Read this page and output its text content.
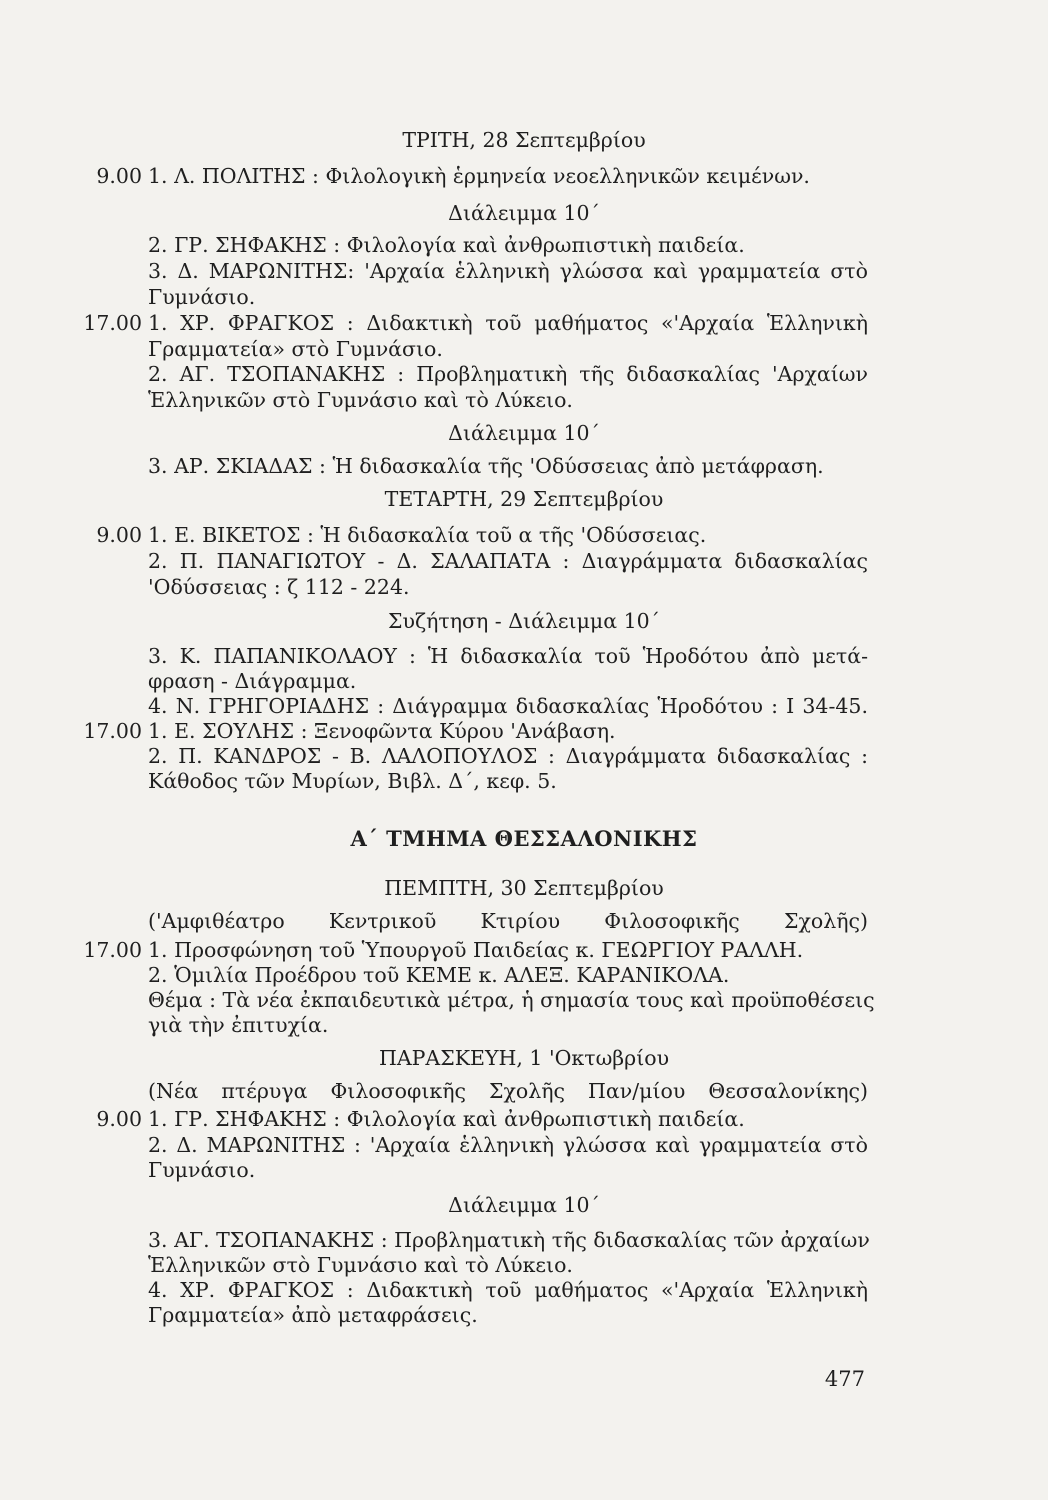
ΤΡΙΤΗ, 28 Σεπτεμβρίου
9.00 1. Λ. ΠΟΛΙΤΗΣ : Φιλολογικὴ ἑρμηνεία νεοελληνικῶν κειμένων.
Διάλειμμα 10΄
2. ΓΡ. ΣΗΦΑΚΗΣ : Φιλολογία καὶ ἀνθρωπιστικὴ παιδεία.
3. Δ. ΜΑΡΩΝΙΤΗΣ: 'Αρχαία ἑλληνικὴ γλώσσα καὶ γραμματεία στὸ
Γυμνάσιο.
17.00 1. ΧΡ. ΦΡΑΓΚΟΣ : Διδακτικὴ τοῦ μαθήματος «'Αρχαία Ἑλληνικὴ
Γραμματεία» στὸ Γυμνάσιο.
2. ΑΓ. ΤΣΟΠΑΝΑΚΗΣ : Προβληματικὴ τῆς διδασκαλίας 'Αρχαίων
Ἑλληνικῶν στὸ Γυμνάσιο καὶ τὸ Λύκειο.
Διάλειμμα 10΄
3. ΑΡ. ΣΚΙΑΔΑΣ : Ἡ διδασκαλία τῆς 'Οδύσσειας ἀπὸ μετάφραση.
ΤΕΤΑΡΤΗ, 29 Σεπτεμβρίου
9.00 1. Ε. ΒΙΚΕΤΟΣ : Ἡ διδασκαλία τοῦ α τῆς 'Οδύσσειας.
2. Π. ΠΑΝΑΓΙΩΤΟΥ - Δ. ΣΑΛΑΠΑΤΑ : Διαγράμματα διδασκαλίας
'Οδύσσειας : ζ 112 - 224.
Συζήτηση - Διάλειμμα 10΄
3. Κ. ΠΑΠΑΝΙΚΟΛΑΟΥ : Ἡ διδασκαλία τοῦ Ἡροδότου ἀπὸ μετά-
φραση - Διάγραμμα.
4. Ν. ΓΡΗΓΟΡΙΑΔΗΣ : Διάγραμμα διδασκαλίας Ἡροδότου : Ι 34-45.
17.00 1. Ε. ΣΟΥΛΗΣ : Ξενοφῶντα Κύρου 'Ανάβαση.
2. Π. ΚΑΝΔΡΟΣ - Β. ΛΑΛΟΠΟΥΛΟΣ : Διαγράμματα διδασκαλίας :
Κάθοδος τῶν Μυρίων, Βιβλ. Δ΄, κεφ. 5.
Α΄ ΤΜΗΜΑ ΘΕΣΣΑΛΟΝΙΚΗΣ
ΠΕΜΠΤΗ, 30 Σεπτεμβρίου
('Αμφιθέατρο Κεντρικοῦ Κτιρίου Φιλοσοφικῆς Σχολῆς)
17.00 1. Προσφώνηση τοῦ Ὑπουργοῦ Παιδείας κ. ΓΕΩΡΓΙΟΥ ΡΑΛΛΗ.
2. Ὁμιλία Προέδρου τοῦ ΚΕΜΕ κ. ΑΛΕΞ. ΚΑΡΑΝΙΚΟΛΑ.
Θέμα : Τὰ νέα ἐκπαιδευτικὰ μέτρα, ἡ σημασία τους καὶ προϋποθέσεις
γιὰ τὴν ἐπιτυχία.
ΠΑΡΑΣΚΕΥΗ, 1 'Οκτωβρίου
(Νέα πτέρυγα Φιλοσοφικῆς Σχολῆς Παν/μίου Θεσσαλονίκης)
9.00 1. ΓΡ. ΣΗΦΑΚΗΣ : Φιλολογία καὶ ἀνθρωπιστικὴ παιδεία.
2. Δ. ΜΑΡΩΝΙΤΗΣ : 'Αρχαία ἑλληνικὴ γλώσσα καὶ γραμματεία στὸ
Γυμνάσιο.
Διάλειμμα 10΄
3. ΑΓ. ΤΣΟΠΑΝΑΚΗΣ : Προβληματικὴ τῆς διδασκαλίας τῶν ἀρχαίων
Ἑλληνικῶν στὸ Γυμνάσιο καὶ τὸ Λύκειο.
4. ΧΡ. ΦΡΑΓΚΟΣ : Διδακτικὴ τοῦ μαθήματος «'Αρχαία Ἑλληνικὴ
Γραμματεία» ἀπὸ μεταφράσεις.
477
